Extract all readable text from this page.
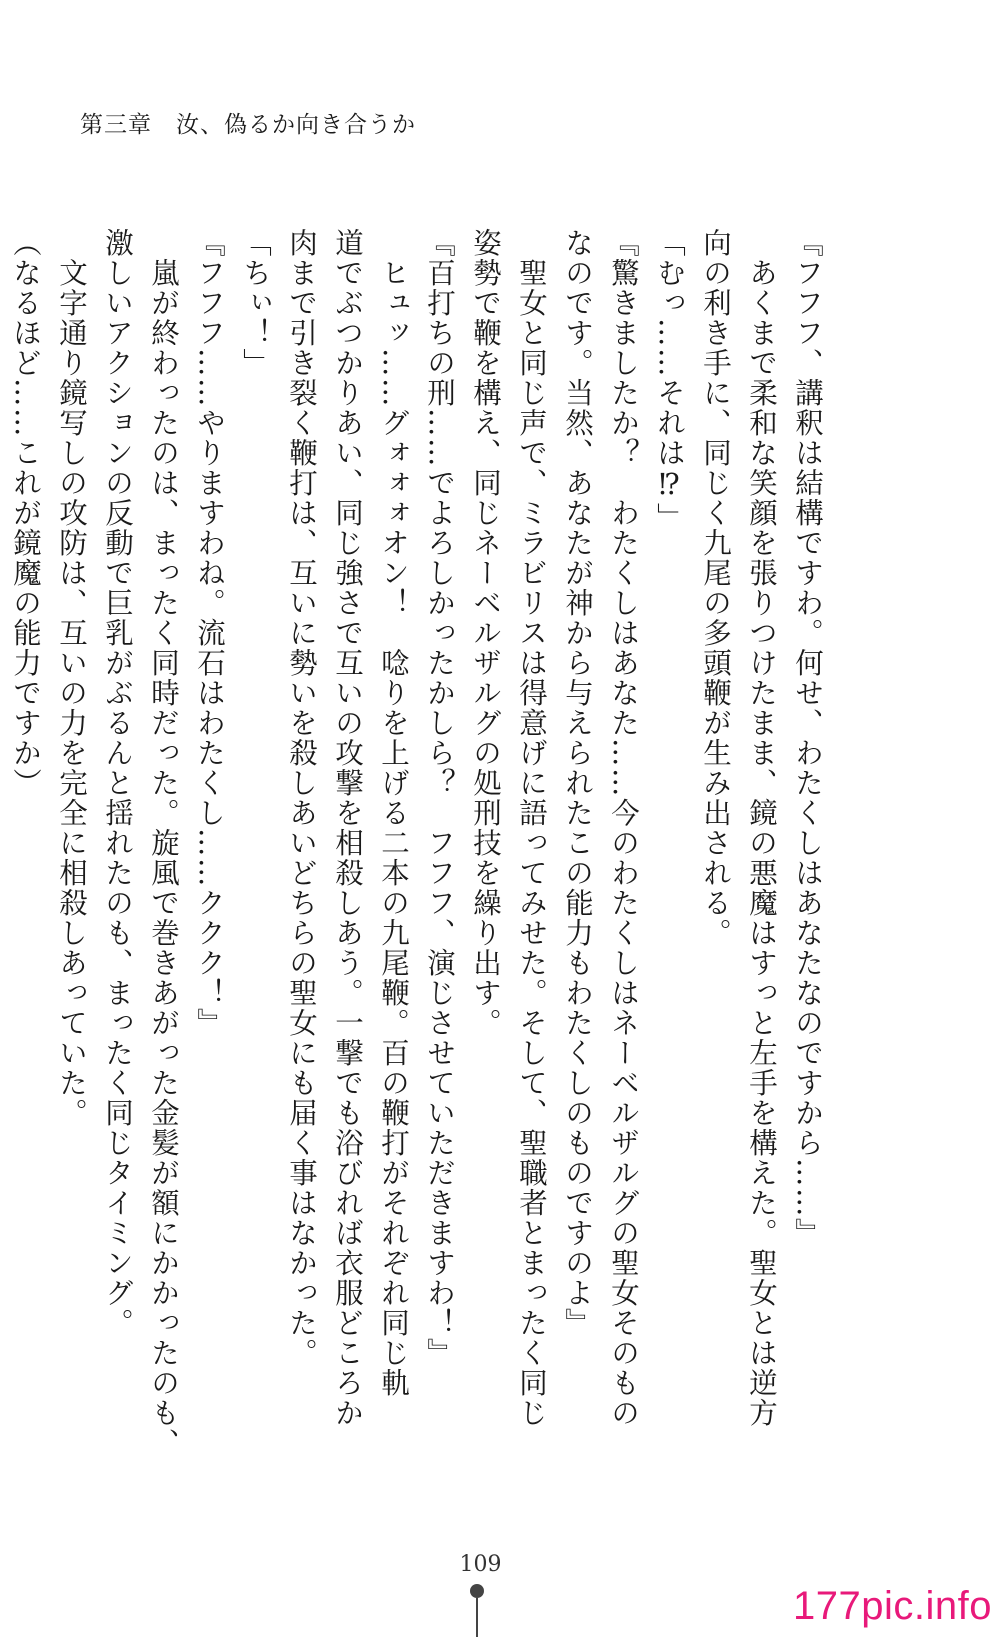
第三章　汝、偽るか向き合うか

『フフフ、講釈は結構ですわ。何せ、わたくしはあなたなのですから……』

　あくまで柔和な笑顔を張りつけたまま、鏡の悪魔はすっと左手を構えた。聖女とは逆方

向の利き手に、同じく九尾の多頭鞭が生み出される。

「むっ……それは⁉」

『驚きましたか？　わたくしはあなた……今のわたくしはネーベルザルグの聖女そのもの

なのです。当然、あなたが神から与えられたこの能力もわたくしのものですのよ』

　聖女と同じ声で、ミラビリスは得意げに語ってみせた。そして、聖職者とまったく同じ

姿勢で鞭を構え、同じネーベルザルグの処刑技を繰り出す。

『百打ちの刑……でよろしかったかしら？　フフフ、演じさせていただきますわ！』

　ヒュッ……グォォォオン！　唸りを上げる二本の九尾鞭。百の鞭打がそれぞれ同じ軌

道でぶつかりあい、同じ強さで互いの攻撃を相殺しあう。一撃でも浴びれば衣服どころか

肉まで引き裂く鞭打は、互いに勢いを殺しあいどちらの聖女にも届く事はなかった。

「ちぃ！」

『フフフ……やりますわね。流石はわたくし……ククク！』

　嵐が終わったのは、まったく同時だった。旋風で巻きあがった金髪が額にかかったのも、

激しいアクションの反動で巨乳がぶるんと揺れたのも、まったく同じタイミング。

　文字通り鏡写しの攻防は、互いの力を完全に相殺しあっていた。

（なるほど……これが鏡魔の能力ですか）

109
177pic.info
